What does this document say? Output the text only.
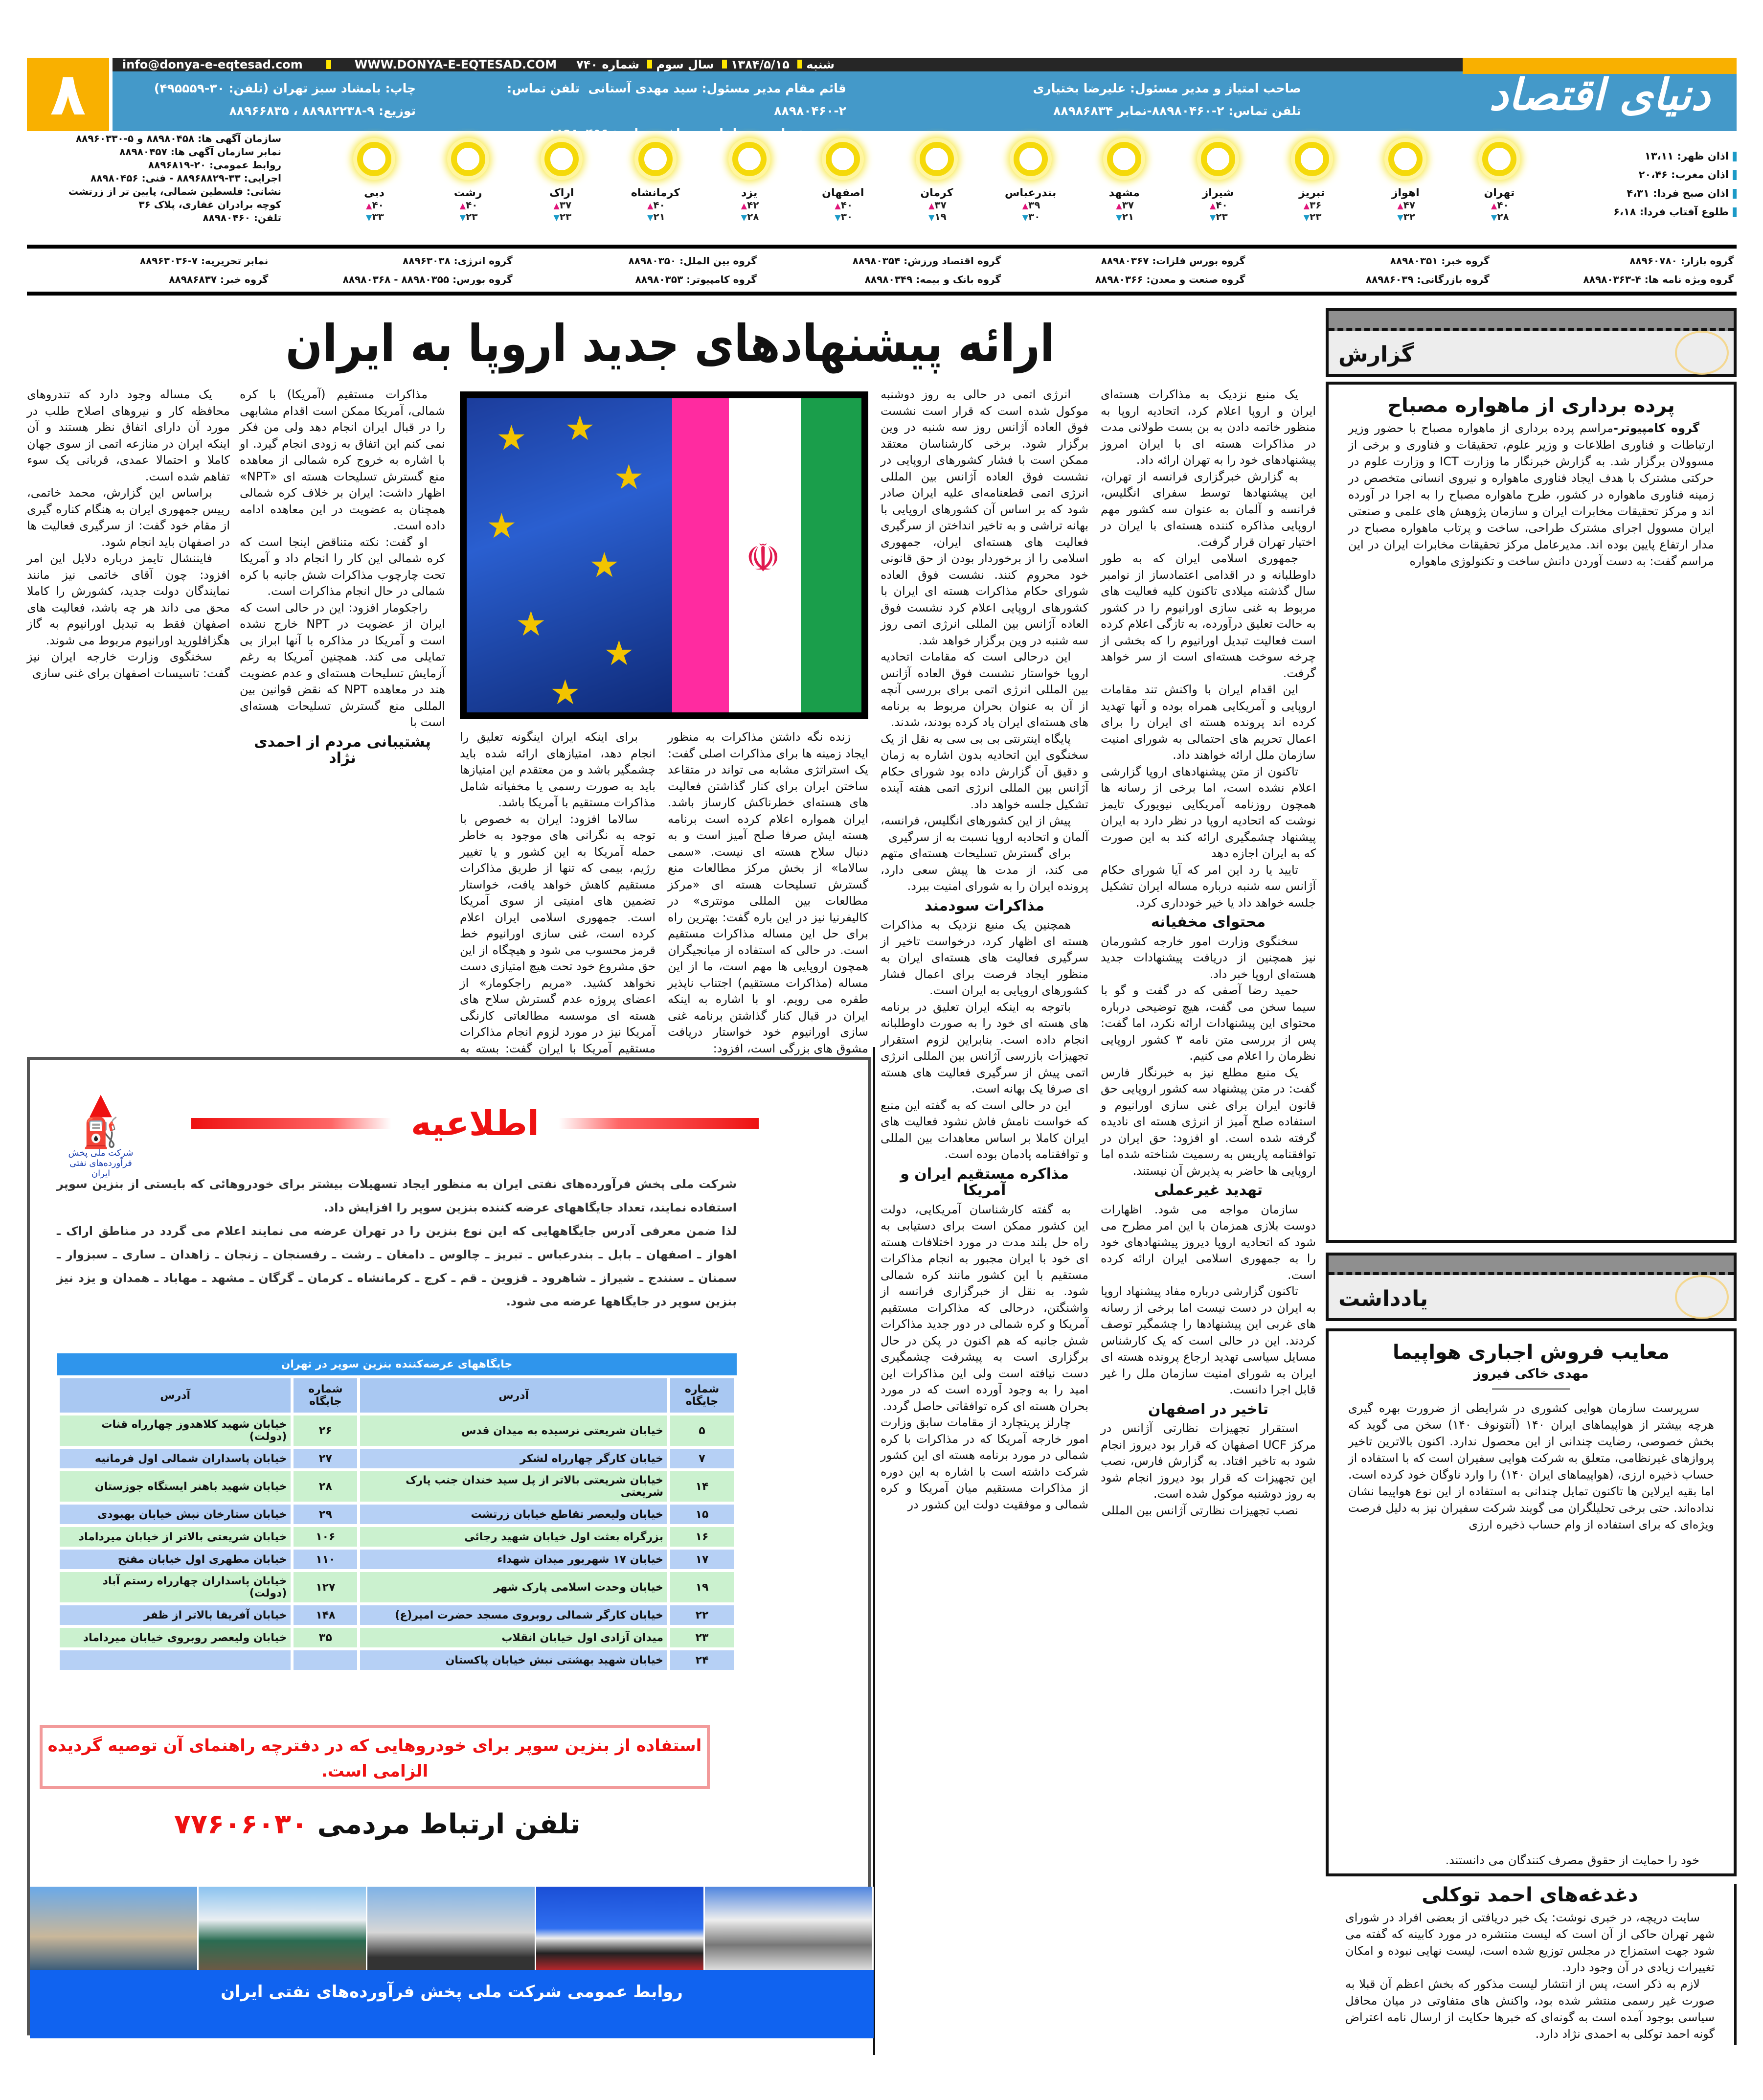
۸	info@donya-e-eqtesad.com	WWW.DONYA-E-EQTESAD.COM	شنبه ۱۳۸۴/۵/۱۵ سال سوم شماره ۷۴۰
صاحب امتیاز و مدیر مسئول: علیرضا بختیاری
تلفن تماس: ۲-۸۸۹۸۰۴۶۰-نمابر ۸۸۹۸۶۸۳۴
قائم مقام مدیر مسئول: سید مهدی آستانی  تلفن تماس: ۲-۸۸۹۸۰۴۶۰
سردبیر: علی میرزاخانی    تلفن تماس: ۸۸۹۸۰۴۵۶
چاپ: بامشاد سبز تهران (تلفن: ۳۰-۴۹۵۵۵۹)
توزیع: ۹-۸۸۹۸۲۲۳۸ ، ۸۸۹۶۶۸۳۵	دنیای اقتصاد
سازمان آگهی ها: ۸۸۹۸۰۴۵۸ و ۵-۸۸۹۶۰۳۳۰
نمابر سازمان آگهی ها: ۸۸۹۸۰۴۵۷
روابط عمومی: ۲۰-۸۸۹۶۸۱۹
اجرایی: ۳۳-۸۸۹۶۸۸۲۹ - فنی: ۸۸۹۸۰۴۵۶
نشانی: فلسطین شمالی، پایین تر از زرتشت
کوچه برادران غفاری، پلاک ۳۶
تلفن: ۸۸۹۸۰۴۶۰
تهران
▲ ۴۰
▼ ۲۸
اهواز
▲ ۴۷
▼ ۳۲
تبریز
▲ ۳۶
▼ ۲۳
شیراز
▲ ۴۰
▼ ۲۳
مشهد
▲ ۳۷
▼ ۲۱
بندرعباس
▲ ۳۹
▼ ۳۰
کرمان
▲ ۳۷
▼ ۱۹
اصفهان
▲ ۴۰
▼ ۳۰
یزد
▲ ۴۲
▼ ۲۸
کرمانشاه
▲ ۴۰
▼ ۲۱
اراک
▲ ۳۷
▼ ۲۳
رشت
▲ ۴۰
▼ ۲۳
دبی
▲ ۴۰
▼ ۳۳
اذان ظهر: ۱۳،۱۱
اذان مغرب: ۲۰،۴۶
اذان صبح فردا: ۴،۳۱
طلوع آفتاب فردا: ۶،۱۸
نمابر تحریریه: ۷-۸۸۹۶۳۰۳۶	گروه انرژی: ۸۸۹۶۳۰۳۸	گروه بین الملل: ۸۸۹۸۰۳۵۰	گروه اقتصاد ورزش: ۸۸۹۸۰۳۵۴	گروه بورس فلزات: ۸۸۹۸۰۳۶۷	گروه خبر: ۸۸۹۸۰۳۵۱	گروه بازار: ۸۸۹۶۰۷۸۰
گروه خبر: ۸۸۹۸۶۸۳۷	گروه بورس: ۸۸۹۸۰۳۵۵ - ۸۸۹۸۰۳۶۸	گروه کامپیوتر: ۸۸۹۸۰۳۵۳	گروه بانک و بیمه: ۸۸۹۸۰۳۴۹	گروه صنعت و معدن: ۸۸۹۸۰۳۶۶	گروه بازرگانی: ۸۸۹۸۶۰۳۹	گروه ویژه نامه ها: ۴-۸۸۹۸۰۳۶۳
★ ★
★
★
★
★
★
★
☫

یک منبع نزدیک به مذاکرات هسته‌ای ایران و اروپا اعلام کرد، اتحادیه اروپا به منظور خاتمه دادن به بن بست طولانی مدت در مذاکرات هسته ای با ایران امروز پیشنهادهای خود را به تهران ارائه داد.

به گزارش خبرگزاری فرانسه از تهران، این پیشنهادها توسط سفرای انگلیس، فرانسه و آلمان به عنوان سه کشور مهم اروپایی مذاکره کننده هسته‌ای با ایران در اختیار تهران قرار گرفت.

جمهوری اسلامی ایران که به طور داوطلبانه و در اقدامی اعتمادساز از نوامبر سال گذشته میلادی تاکنون کلیه فعالیت های مربوط به غنی سازی اورانیوم را در کشور به حالت تعلیق درآورده، به تازگی اعلام کرده است فعالیت تبدیل اورانیوم را که بخشی از چرخه سوخت هسته‌ای است از سر خواهد گرفت.

این اقدام ایران با واکنش تند مقامات اروپایی و آمریکایی همراه بوده و آنها تهدید کرده اند پرونده هسته ای ایران را برای اعمال تحریم های احتمالی به شورای امنیت سازمان ملل ارائه خواهند داد.

تاکنون از متن پیشنهادهای اروپا گزارشی اعلام نشده است، اما برخی از رسانه ها همچون روزنامه آمریکایی نیویورک تایمز نوشت که اتحادیه اروپا در نظر دارد به ایران پیشنهاد چشمگیری ارائه کند به این صورت که به ایران اجازه دهد

تایید یا رد این امر که آیا شورای حکام آژانس سه شنبه درباره مساله ایران تشکیل جلسه خواهد داد یا خیر خودداری کرد.

محتوای مخفیانه

سخنگوی وزارت امور خارجه کشورمان نیز همچنین از دریافت پیشنهادات جدید هسته‌ای اروپا خبر داد.

حمید رضا آصفی که در گفت و گو با سیما سخن می گفت، هیچ توضیحی درباره محتوای این پیشنهادات ارائه نکرد، اما گفت: پس از بررسی متن نامه ۳ کشور اروپایی نظرمان را اعلام می کنیم.

یک منبع مطلع نیز به خبرنگار فارس گفت: در متن پیشنهاد سه کشور اروپایی حق قانون ایران برای غنی سازی اورانیوم و استفاده صلح آمیز از انرژی هسته ای نادیده گرفته شده است. او افزود: حق ایران در توافقنامه پاریس به رسمیت شناخته شده اما اروپایی ها حاضر به پذیرش آن نیستند.

تهدید غیرعملی

سازمان مواجه می شود. اظهارات دوست بلازی همزمان با این امر مطرح می شود که اتحادیه اروپا دیروز پیشنهادهای خود را به جمهوری اسلامی ایران ارائه کرده است.

تاکنون گزارشی درباره مفاد پیشنهاد اروپا به ایران در دست نیست اما برخی از رسانه های غربی این پیشنهادها را چشمگیر توصف کردند. این در حالی است که یک کارشناس مسایل سیاسی تهدید ارجاع پرونده هسته ای ایران به شورای امنیت سازمان ملل را غیر قابل اجرا دانست.

تاخیر در اصفهان

استقرار تجهیزات نظارتی آژانس در مرکز UCF اصفهان که قرار بود دیروز انجام شود به تاخیر افتاد. به گزارش فارس، نصب این تجهیزات که قرار بود دیروز انجام شود به روز دوشنبه موکول شده است.

نصب تجهیزات نظارتی آژانس بین المللی

انرژی اتمی در حالی به روز دوشنبه موکول شده است که قرار است نشست فوق العاده آژانس روز سه شنبه در وین برگزار شود. برخی کارشناسان معتقد ممکن است با فشار کشورهای اروپایی در نشست فوق العاده آژانس بین المللی انرژی اتمی قطعنامه‌ای علیه ایران صادر شود که بر اساس آن کشورهای اروپایی با بهانه تراشی و به تاخیر انداختن از سرگیری فعالیت های هسته‌ای ایران، جمهوری اسلامی را از برخوردار بودن از حق قانونی خود محروم کنند. نشست فوق العاده شورای حکام مذاکرات هسته ای ایران با کشورهای اروپایی اعلام کرد نشست فوق العاده آژانس بین المللی انرژی اتمی روز سه شنبه در وین برگزار خواهد شد.

این درحالی است که مقامات اتحادیه اروپا خواستار نشست فوق العاده آژانس بین المللی انرژی اتمی برای بررسی آنچه از آن به عنوان بحران مربوط به برنامه های هسته‌ای ایران یاد کرده بودند، شدند.

پایگاه اینترنتی بی بی سی به نقل از یک سخنگوی این اتحادیه بدون اشاره به زمان و دقیق آن گزارش داده بود شورای حکام آژانس بین المللی انرژی اتمی هفته آینده تشکیل جلسه خواهد داد.

پیش از این کشورهای انگلیس، فرانسه، آلمان و اتحادیه اروپا نسبت به از سرگیری

برای گسترش تسلیحات هسته‌ای متهم می کند، از مدت ها پیش سعی دارد، پرونده ایران را به شورای امنیت ببرد.

مذاکرات سودمند

همچنین یک منبع نزدیک به مذاکرات هسته ای اظهار کرد، درخواست تاخیر از سرگیری فعالیت های هسته‌ای ایران به منظور ایجاد فرصت برای اعمال فشار کشورهای اروپایی به ایران است.

باتوجه به اینکه ایران تعلیق در برنامه های هسته ای خود را به صورت داوطلبانه انجام داده است. بنابراین لزوم استقرار تجهیزات بازرسی آژانس بین المللی انرژی اتمی پیش از سرگیری فعالیت های هسته ای صرفا یک بهانه است.

این در حالی است که به گفته این منبع که خواست نامش فاش نشود فعالیت های ایران کاملا بر اساس معاهدات بین المللی و توافقنامه پادمان بوده است.

مذاکره مستقیم ایران و آمریکا

به گفته کارشناسان آمریکایی، دولت این کشور ممکن است برای دستیابی به راه حل بلند مدت در مورد اختلافات هسته ای خود با ایران مجبور به انجام مذاکرات مستقیم با این کشور مانند کره شمالی شود. به نقل از خبرگزاری فرانسه از واشنگتن، درحالی که مذاکرات مستقیم آمریکا و کره شمالی در دور جدید مذاکرات شش جانبه که هم اکنون در پکن در حال برگزاری است به پیشرفت چشمگیری دست نیافته است ولی این مذاکرات این امید را به وجود آورده است که در مورد بحران هسته ای کره توافقاتی حاصل گردد.

چارلز پریتچارد از مقامات سابق وزارت امور خارجه آمریکا که در مذاکرات با کره شمالی در مورد برنامه هسته ای این کشور شرکت داشته است با اشاره به این دوره از مذاکرات مستقیم میان آمریکا و کره شمالی و موفقیت دولت این کشور در

زنده نگه داشتن مذاکرات به منظور ایجاد زمینه ها برای مذاکرات اصلی گفت: یک استراتژی مشابه می تواند در متقاعد ساختن ایران برای کنار گذاشتن فعالیت های هسته‌ای خطرناکش کارساز باشد. ایران همواره اعلام کرده است برنامه هسته ایش صرفا صلح آمیز است و به دنبال سلاح هسته ای نیست. «سمی سالاما» از بخش مرکز مطالعات منع گسترش تسلیحات هسته ای «مرکز مطالعات بین المللی مونتری» در کالیفرنیا نیز در این باره گفت: بهترین راه برای حل این مساله مذاکرات مستقیم است. در حالی که استفاده از میانجیگران همچون اروپایی ها مهم است، ما از این مساله (مذاکرات مستقیم) اجتناب ناپذیر طفره می رویم. او با اشاره به اینکه ایران در قبال کنار گذاشتن برنامه غنی سازی اورانیوم خود خواستار دریافت مشوق های بزرگی است، افزود:

برای اینکه ایران اینگونه تعلیق را انجام دهد، امتیازهای ارائه شده باید چشمگیر باشد و من معتقدم این امتیازها باید به صورت رسمی یا مخفیانه شامل مذاکرات مستقیم با آمریکا باشد.

سالاما افزود: ایران به خصوص با توجه به نگرانی های موجود به خاطر حمله آمریکا به این کشور و یا تغییر رژیم، بیمی که تنها از طریق مذاکرات مستقیم کاهش خواهد یافت، خواستار تضمین های امنیتی از سوی آمریکا است. جمهوری اسلامی ایران اعلام کرده است، غنی سازی اورانیوم خط قرمز محسوب می شود و هیچگاه از این حق مشروع خود تحت هیچ امتیازی دست نخواهد کشید. «مریم راجکومار» از اعضای پروژه عدم گسترش سلاح های هسته ای موسسه مطالعاتی کارنگی آمریکا نیز در مورد لزوم انجام مذاکرات مستقیم آمریکا با ایران گفت: بسته به

مذاکرات مستقیم (آمریکا) با کره شمالی، آمریکا ممکن است اقدام مشابهی را در قبال ایران انجام دهد ولی من فکر نمی کنم این اتفاق به زودی انجام گیرد. او با اشاره به خروج کره شمالی از معاهده منع گسترش تسلیحات هسته ای «NPT» اظهار داشت: ایران بر خلاف کره شمالی همچنان به عضویت در این معاهده ادامه داده است.

او گفت: نکته متناقض اینجا است که کره شمالی این کار را انجام داد و آمریکا تحت چارچوب مذاکرات شش جانبه با کره شمالی در حال انجام مذاکرات است.

راجکومار افزود: این در حالی است که ایران از عضویت در NPT خارج نشده است و آمریکا در مذاکره با آنها ابراز بی تمایلی می کند. همچنین آمریکا به رغم آزمایش تسلیحات هسته‌ای و عدم عضویت هند در معاهده NPT که نقض قوانین بین المللی منع گسترش تسلیحات هسته‌ای است با

پشتیبانی مردم از احمدی نژاد

یک مساله وجود دارد که تندروهای محافظه کار و نیروهای اصلاح طلب در مورد آن دارای اتفاق نظر هستند و آن اینکه ایران در منازعه اتمی از سوی جهان کاملا و احتمالا عمدی، قربانی یک سوء تفاهم شده است.

براساس این گزارش، محمد خاتمی، رییس جمهوری ایران به هنگام کناره گیری از مقام خود گفت: از سرگیری فعالیت ها در اصفهان باید انجام شود.

فایننشال تایمز درباره دلایل این امر افزود: چون آقای خاتمی نیز مانند نمایندگان دولت جدید، کشورش را کاملا محق می داند هر چه باشد، فعالیت های اصفهان فقط به تبدیل اورانیوم به گاز هگزافلورید اورانیوم مربوط می شوند.

سخنگوی وزارت خارجه ایران نیز گفت: تاسیسات اصفهان برای غنی سازی

ارائه پیشنهادهای جدید اروپا به ایران
▲
⛽
شرکت ملی پخش فرآورده‌های نفتی ایران
اطلاعیه

شرکت ملی پخش فرآورده‌های نفتی ایران به منظور ایجاد تسهیلات بیشتر برای خودروهائی که بایستی از بنزین سوپر استفاده نمایند، تعداد جایگاههای عرضه کننده بنزین سوپر را افزایش داد.

لذا ضمن معرفی آدرس جایگاههایی که این نوع بنزین را در تهران عرضه می نمایند اعلام می گردد در مناطق اراک ـ اهواز ـ اصفهان ـ بابل ـ بندرعباس ـ تبریز ـ چالوس ـ دامغان ـ رشت ـ رفسنجان ـ زنجان ـ زاهدان ـ ساری ـ سبزوار ـ سمنان ـ سنندج ـ شیراز ـ شاهرود ـ قزوین ـ قم ـ کرج ـ کرمانشاه ـ کرمان ـ گرگان ـ مشهد ـ مهاباد ـ همدان و یزد نیز بنزین سوپر در جایگاهها عرضه می شود.

جایگاههای عرضه‌کننده بنزین سوپر در تهران
شماره جایگاه	آدرس	شماره جایگاه	آدرس
۵	خیابان شریعتی نرسیده به میدان قدس	۲۶	خیابان شهید کلاهدوز چهارراه قنات (دولت)
۷	خیابان کارگر چهارراه لشکر	۲۷	خیابان پاسداران شمالی اول فرمانیه
۱۴	خیابان شریعتی بالاتر از پل سید خندان جنب پارک شریعتی	۲۸	خیابان شهید باهنر ایستگاه جوزستان
۱۵	خیابان ولیعصر تقاطع خیابان زرتشت	۲۹	خیابان ستارخان نبش خیابان بهبودی
۱۶	بزرگراه بعثت اول خیابان شهید رجائی	۱۰۶	خیابان شریعتی بالاتر از خیابان میرداماد
۱۷	خیابان ۱۷ شهریور میدان شهداء	۱۱۰	خیابان مطهری اول خیابان مفتح
۱۹	خیابان وحدت اسلامی پارک شهر	۱۲۷	خیابان پاسداران چهارراه رستم آباد (دولت)
۲۲	خیابان کارگر شمالی روبروی مسجد حضرت امیر(ع)	۱۴۸	خیابان آفریقا بالاتر از ظفر
۲۳	میدان آزادی اول خیابان انقلاب	۳۵	خیابان ولیعصر روبروی خیابان میرداماد
۲۴	خیابان شهید بهشتی نبش خیابان پاکستان		
استفاده از بنزین سوپر برای خودروهایی که در دفترچه راهنمای آن توصیه گردیده الزامی است.
تلفن ارتباط مردمی ۷۷۶۰۶۰۳۰
روابط عمومی شرکت ملی پخش فرآورده‌های نفتی ایران
گزارش
پرده برداری از ماهواره مصباح

گروه کامپیوتر-مراسم پرده برداری از ماهواره مصباح با حضور وزیر ارتباطات و فناوری اطلاعات و وزیر علوم، تحقیقات و فناوری و برخی از مسوولان برگزار شد. به گزارش خبرنگار ما وزارت ICT و وزارت علوم در حرکتی مشترک با هدف ایجاد فناوری ماهواره و نیروی انسانی متخصص در زمینه فناوری ماهواره در کشور، طرح ماهواره مصباح را به اجرا در آورده اند و مرکز تحقیقات مخابرات ایران و سازمان پژوهش های علمی و صنعتی ایران مسوول اجرای مشترک طراحی، ساخت و پرتاب ماهواره مصباح در مدار ارتفاع پایین بوده اند. مدیرعامل مرکز تحقیقات مخابرات ایران در این مراسم گفت: به دست آوردن دانش ساخت و تکنولوژی ماهواره

یادداشت
معایب فروش اجباری هواپیما
مهدی خاکی فیروز

سرپرست سازمان هوایی کشوری در شرایطی از ضرورت بهره گیری هرچه بیشتر از هواپیماهای ایران ۱۴۰ (آنتونوف ۱۴۰) سخن می گوید که بخش خصوصی، رضایت چندانی از این محصول ندارد. اکنون بالاترین تاخیر پروازهای غیرنظامی، متعلق به شرکت هوایی سفیران است که با استفاده از حساب ذخیره ارزی، (هواپیماهای ایران ۱۴۰) را وارد ناوگان خود کرده است. اما بقیه ایرلاین ها تاکنون تمایل چندانی به استفاده از این نوع هواپیما نشان نداده‌اند. حتی برخی تحلیلگران می گویند شرکت سفیران نیز به دلیل فرصت ویژه‌ای که برای استفاده از وام حساب ذخیره ارزی

خود را حمایت از حقوق مصرف کنندگان می دانستند.

دغدغه‌های احمد توکلی

سایت دریچه، در خبری نوشت: یک خبر دریافتی از بعضی افراد در شورای شهر تهران حاکی از آن است که لیست منتشره در مورد کابینه که گفته می شود جهت استمزاج در مجلس توزیع شده است، لیست نهایی نبوده و امکان تغییرات زیادی در آن وجود دارد.

لازم به ذکر است، پس از انتشار لیست مذکور که بخش اعظم آن قبلا به صورت غیر رسمی منتشر شده بود، واکنش های متفاوتی در میان محافل سیاسی بوجود آمده است به گونه‌ای که خبرها حکایت از ارسال نامه اعتراض گونه احمد توکلی به احمدی نژاد دارد.
